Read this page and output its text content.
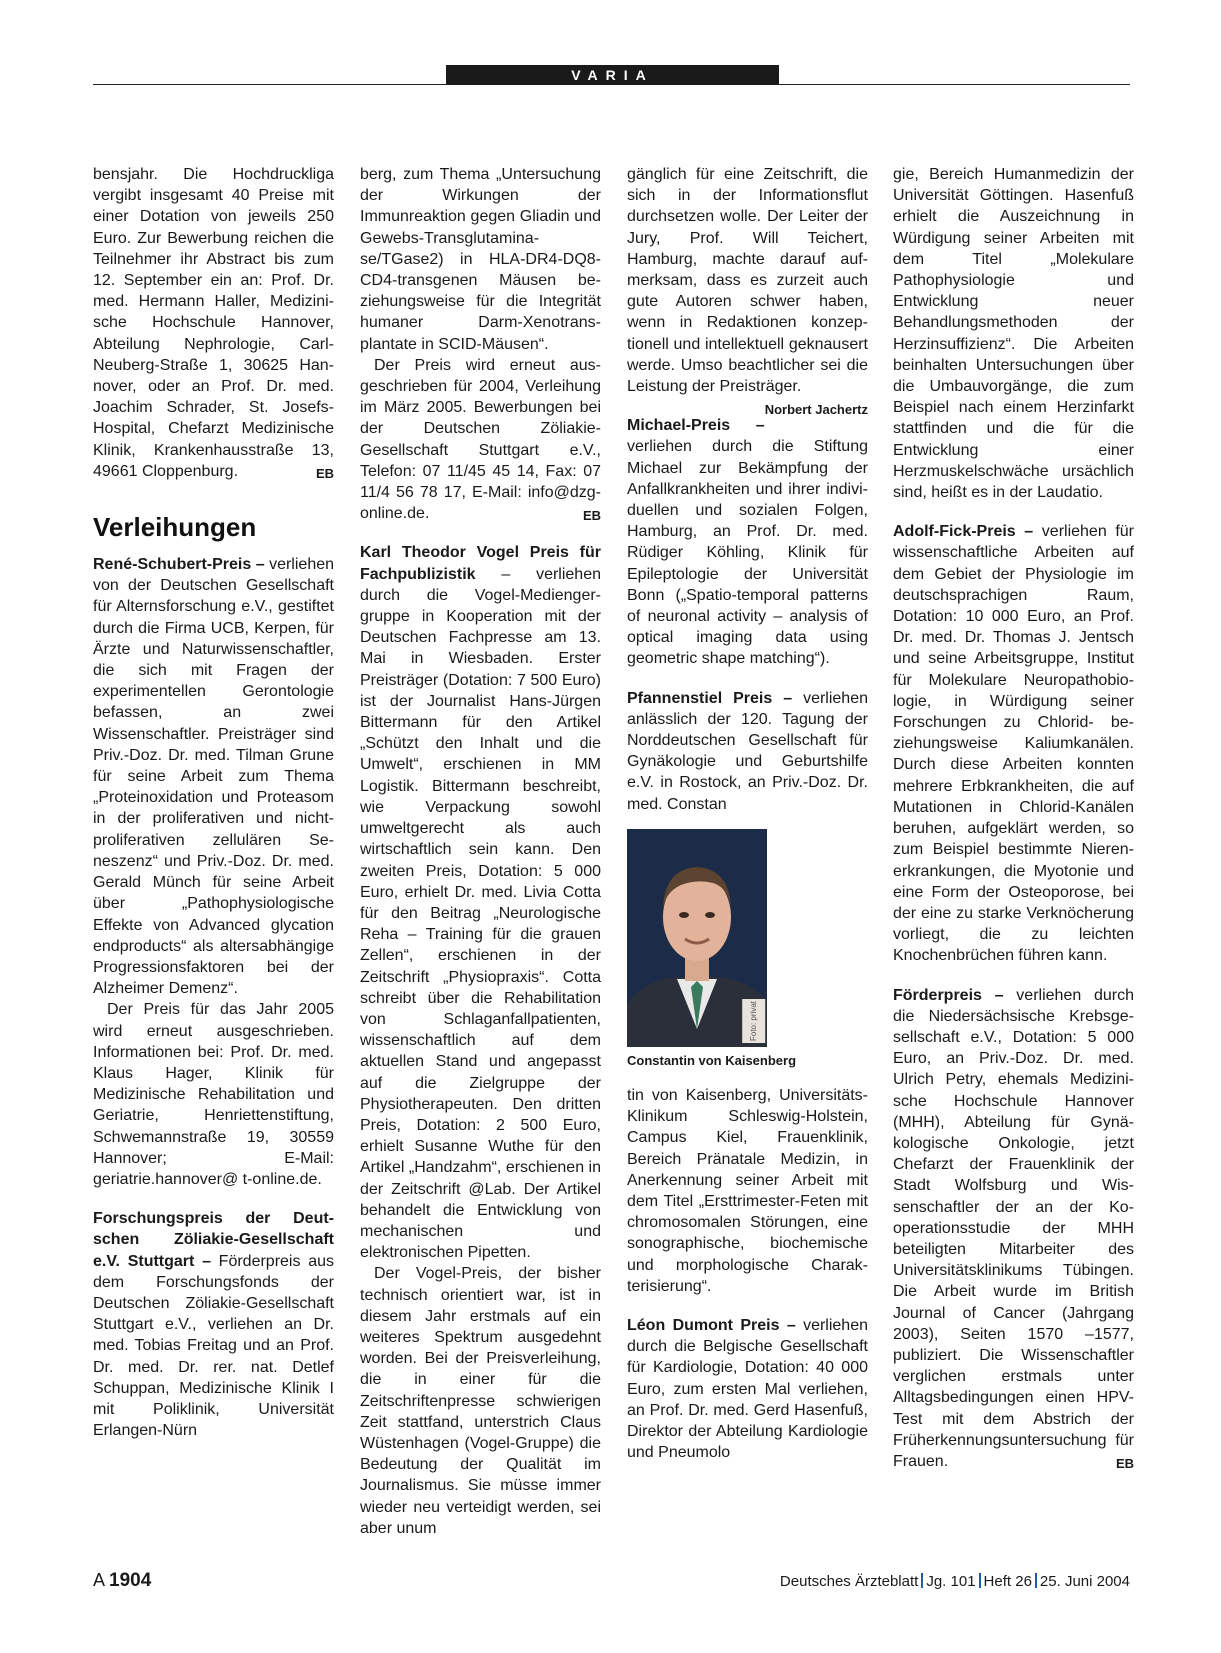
VARIA

bensjahr. Die Hochdruckliga vergibt insgesamt 40 Preise mit einer Dotation von jeweils 250 Euro. Zur Bewerbung reichen die Teilnehmer ihr Abstract bis zum 12. September ein an: Prof. Dr. med. Hermann Haller, Medizinische Hochschule Hannover, Abteilung Nephrologie, Carl-Neuberg-Straße 1, 30625 Hannover, oder an Prof. Dr. med. Joachim Schrader, St. Josefs-Hospital, Chefarzt Medizinische Klinik, Krankenhausstraße 13, 49661 Cloppenburg.	EB

Verleihungen

René-Schubert-Preis – verliehen von der Deutschen Gesellschaft für Alternsforschung e.V., gestiftet durch die Firma UCB, Kerpen, für Ärzte und Naturwissenschaftler, die sich mit Fragen der experimentellen Gerontologie befassen, an zwei Wissenschaftler. Preisträger sind Priv.-Doz. Dr. med. Tilman Grune für seine Arbeit zum Thema „Proteinoxidation und Proteasom in der proliferativen und nichtproliferativen zellulären Seneszenz“ und Priv.-Doz. Dr. med. Gerald Münch für seine Arbeit über „Pathophysiologische Effekte von Advanced glycation endproducts“ als altersabhängige Progressionsfaktoren bei der Alzheimer Demenz“.

Der Preis für das Jahr 2005 wird erneut ausgeschrieben. Informationen bei: Prof. Dr. med. Klaus Hager, Klinik für Medizinische Rehabilitation und Geriatrie, Henriettenstiftung, Schwemannstraße 19, 30559 Hannover; E-Mail: geriatrie.hannover@ t-online.de.

Forschungspreis der Deutschen Zöliakie-Gesellschaft e.V. Stuttgart – Förderpreis aus dem Forschungsfonds der Deutschen Zöliakie-Gesellschaft Stuttgart e.V., verliehen an Dr. med. Tobias Freitag und an Prof. Dr. med. Dr. rer. nat. Detlef Schuppan, Medizinische Klinik I mit Poliklinik, Universität Erlangen-Nürn

berg, zum Thema „Untersuchung der Wirkungen der Immunreaktion gegen Gliadin und Gewebs-Transglutaminase/TGase2) in HLA-DR4-DQ8-CD4-transgenen Mäusen beziehungsweise für die Integrität humaner Darm-Xenotransplantate in SCID-Mäusen“.

Der Preis wird erneut ausgeschrieben für 2004, Verleihung im März 2005. Bewerbungen bei der Deutschen Zöliakie-Gesellschaft Stuttgart e.V., Telefon: 07 11/45 45 14, Fax: 07 11/4 56 78 17, E-Mail: info@dzg-online.de.	EB

Karl Theodor Vogel Preis für Fachpublizistik – verliehen durch die Vogel-Mediengergruppe in Kooperation mit der Deutschen Fachpresse am 13. Mai in Wiesbaden. Erster Preisträger (Dotation: 7 500 Euro) ist der Journalist Hans-Jürgen Bittermann für den Artikel „Schützt den Inhalt und die Umwelt“, erschienen in MM Logistik. Bittermann beschreibt, wie Verpackung sowohl umweltgerecht als auch wirtschaftlich sein kann. Den zweiten Preis, Dotation: 5 000 Euro, erhielt Dr. med. Livia Cotta für den Beitrag „Neurologische Reha – Training für die grauen Zellen“, erschienen in der Zeitschrift „Physiopraxis“. Cotta schreibt über die Rehabilitation von Schlaganfallpatienten, wissenschaftlich auf dem aktuellen Stand und angepasst auf die Zielgruppe der Physiotherapeuten. Den dritten Preis, Dotation: 2 500 Euro, erhielt Susanne Wuthe für den Artikel „Handzahm“, erschienen in der Zeitschrift @Lab. Der Artikel behandelt die Entwicklung von mechanischen und elektronischen Pipetten.

Der Vogel-Preis, der bisher technisch orientiert war, ist in diesem Jahr erstmals auf ein weiteres Spektrum ausgedehnt worden. Bei der Preisverleihung, die in einer für die Zeitschriftenpresse schwierigen Zeit stattfand, unterstrich Claus Wüstenhagen (Vogel-Gruppe) die Bedeutung der Qualität im Journalismus. Sie müsse immer wieder neu verteidigt werden, sei aber unum

gänglich für eine Zeitschrift, die sich in der Informationsflut durchsetzen wolle. Der Leiter der Jury, Prof. Will Teichert, Hamburg, machte darauf aufmerksam, dass es zurzeit auch gute Autoren schwer haben, wenn in Redaktionen konzeptionell und intellektuell geknausert werde. Umso beachtlicher sei die Leistung der Preisträger.
Norbert Jachertz

Michael-Preis – verliehen durch die Stiftung Michael zur Bekämpfung der Anfallkrankheiten und ihrer individuellen und sozialen Folgen, Hamburg, an Prof. Dr. med. Rüdiger Köhling, Klinik für Epileptologie der Universität Bonn („Spatio-temporal patterns of neuronal activity – analysis of optical imaging data using geometric shape matching“).

Pfannenstiel Preis – verliehen anlässlich der 120. Tagung der Norddeutschen Gesellschaft für Gynäkologie und Geburtshilfe e.V. in Rostock, an Priv.-Doz. Dr. med. Constan

Foto: privat
Constantin von Kaisenberg

tin von Kaisenberg, Universitäts-Klinikum Schleswig-Holstein, Campus Kiel, Frauenklinik, Bereich Pränatale Medizin, in Anerkennung seiner Arbeit mit dem Titel „Ersttrimester-Feten mit chromosomalen Störungen, eine sonographische, biochemische und morphologische Charakterisierung“.

Léon Dumont Preis – verliehen durch die Belgische Gesellschaft für Kardiologie, Dotation: 40 000 Euro, zum ersten Mal verliehen, an Prof. Dr. med. Gerd Hasenfuß, Direktor der Abteilung Kardiologie und Pneumolo

gie, Bereich Humanmedizin der Universität Göttingen. Hasenfuß erhielt die Auszeichnung in Würdigung seiner Arbeiten mit dem Titel „Molekulare Pathophysiologie und Entwicklung neuer Behandlungsmethoden der Herzinsuffizienz“. Die Arbeiten beinhalten Untersuchungen über die Umbauvorgänge, die zum Beispiel nach einem Herzinfarkt stattfinden und die für die Entwicklung einer Herzmuskelschwäche ursächlich sind, heißt es in der Laudatio.

Adolf-Fick-Preis – verliehen für wissenschaftliche Arbeiten auf dem Gebiet der Physiologie im deutschsprachigen Raum, Dotation: 10 000 Euro, an Prof. Dr. med. Dr. Thomas J. Jentsch und seine Arbeitsgruppe, Institut für Molekulare Neuropathobiologie, in Würdigung seiner Forschungen zu Chlorid- beziehungsweise Kaliumkanälen. Durch diese Arbeiten konnten mehrere Erbkrankheiten, die auf Mutationen in Chlorid-Kanälen beruhen, aufgeklärt werden, so zum Beispiel bestimmte Nierenerkrankungen, die Myotonie und eine Form der Osteoporose, bei der eine zu starke Verknöcherung vorliegt, die zu leichten Knochenbrüchen führen kann.

Förderpreis – verliehen durch die Niedersächsische Krebsgesellschaft e.V., Dotation: 5 000 Euro, an Priv.-Doz. Dr. med. Ulrich Petry, ehemals Medizinische Hochschule Hannover (MHH), Abteilung für Gynäkologische Onkologie, jetzt Chefarzt der Frauenklinik der Stadt Wolfsburg und Wissenschaftler der an der Kooperationsstudie der MHH beteiligten Mitarbeiter des Universitätsklinikums Tübingen. Die Arbeit wurde im British Journal of Cancer (Jahrgang 2003), Seiten 1570 –1577, publiziert. Die Wissenschaftler verglichen erstmals unter Alltagsbedingungen einen HPV-Test mit dem Abstrich der Früherkennungsuntersuchung für Frauen.	EB

A 1904	Deutsches Ärzteblatt Jg. 101 Heft 26 25. Juni 2004
